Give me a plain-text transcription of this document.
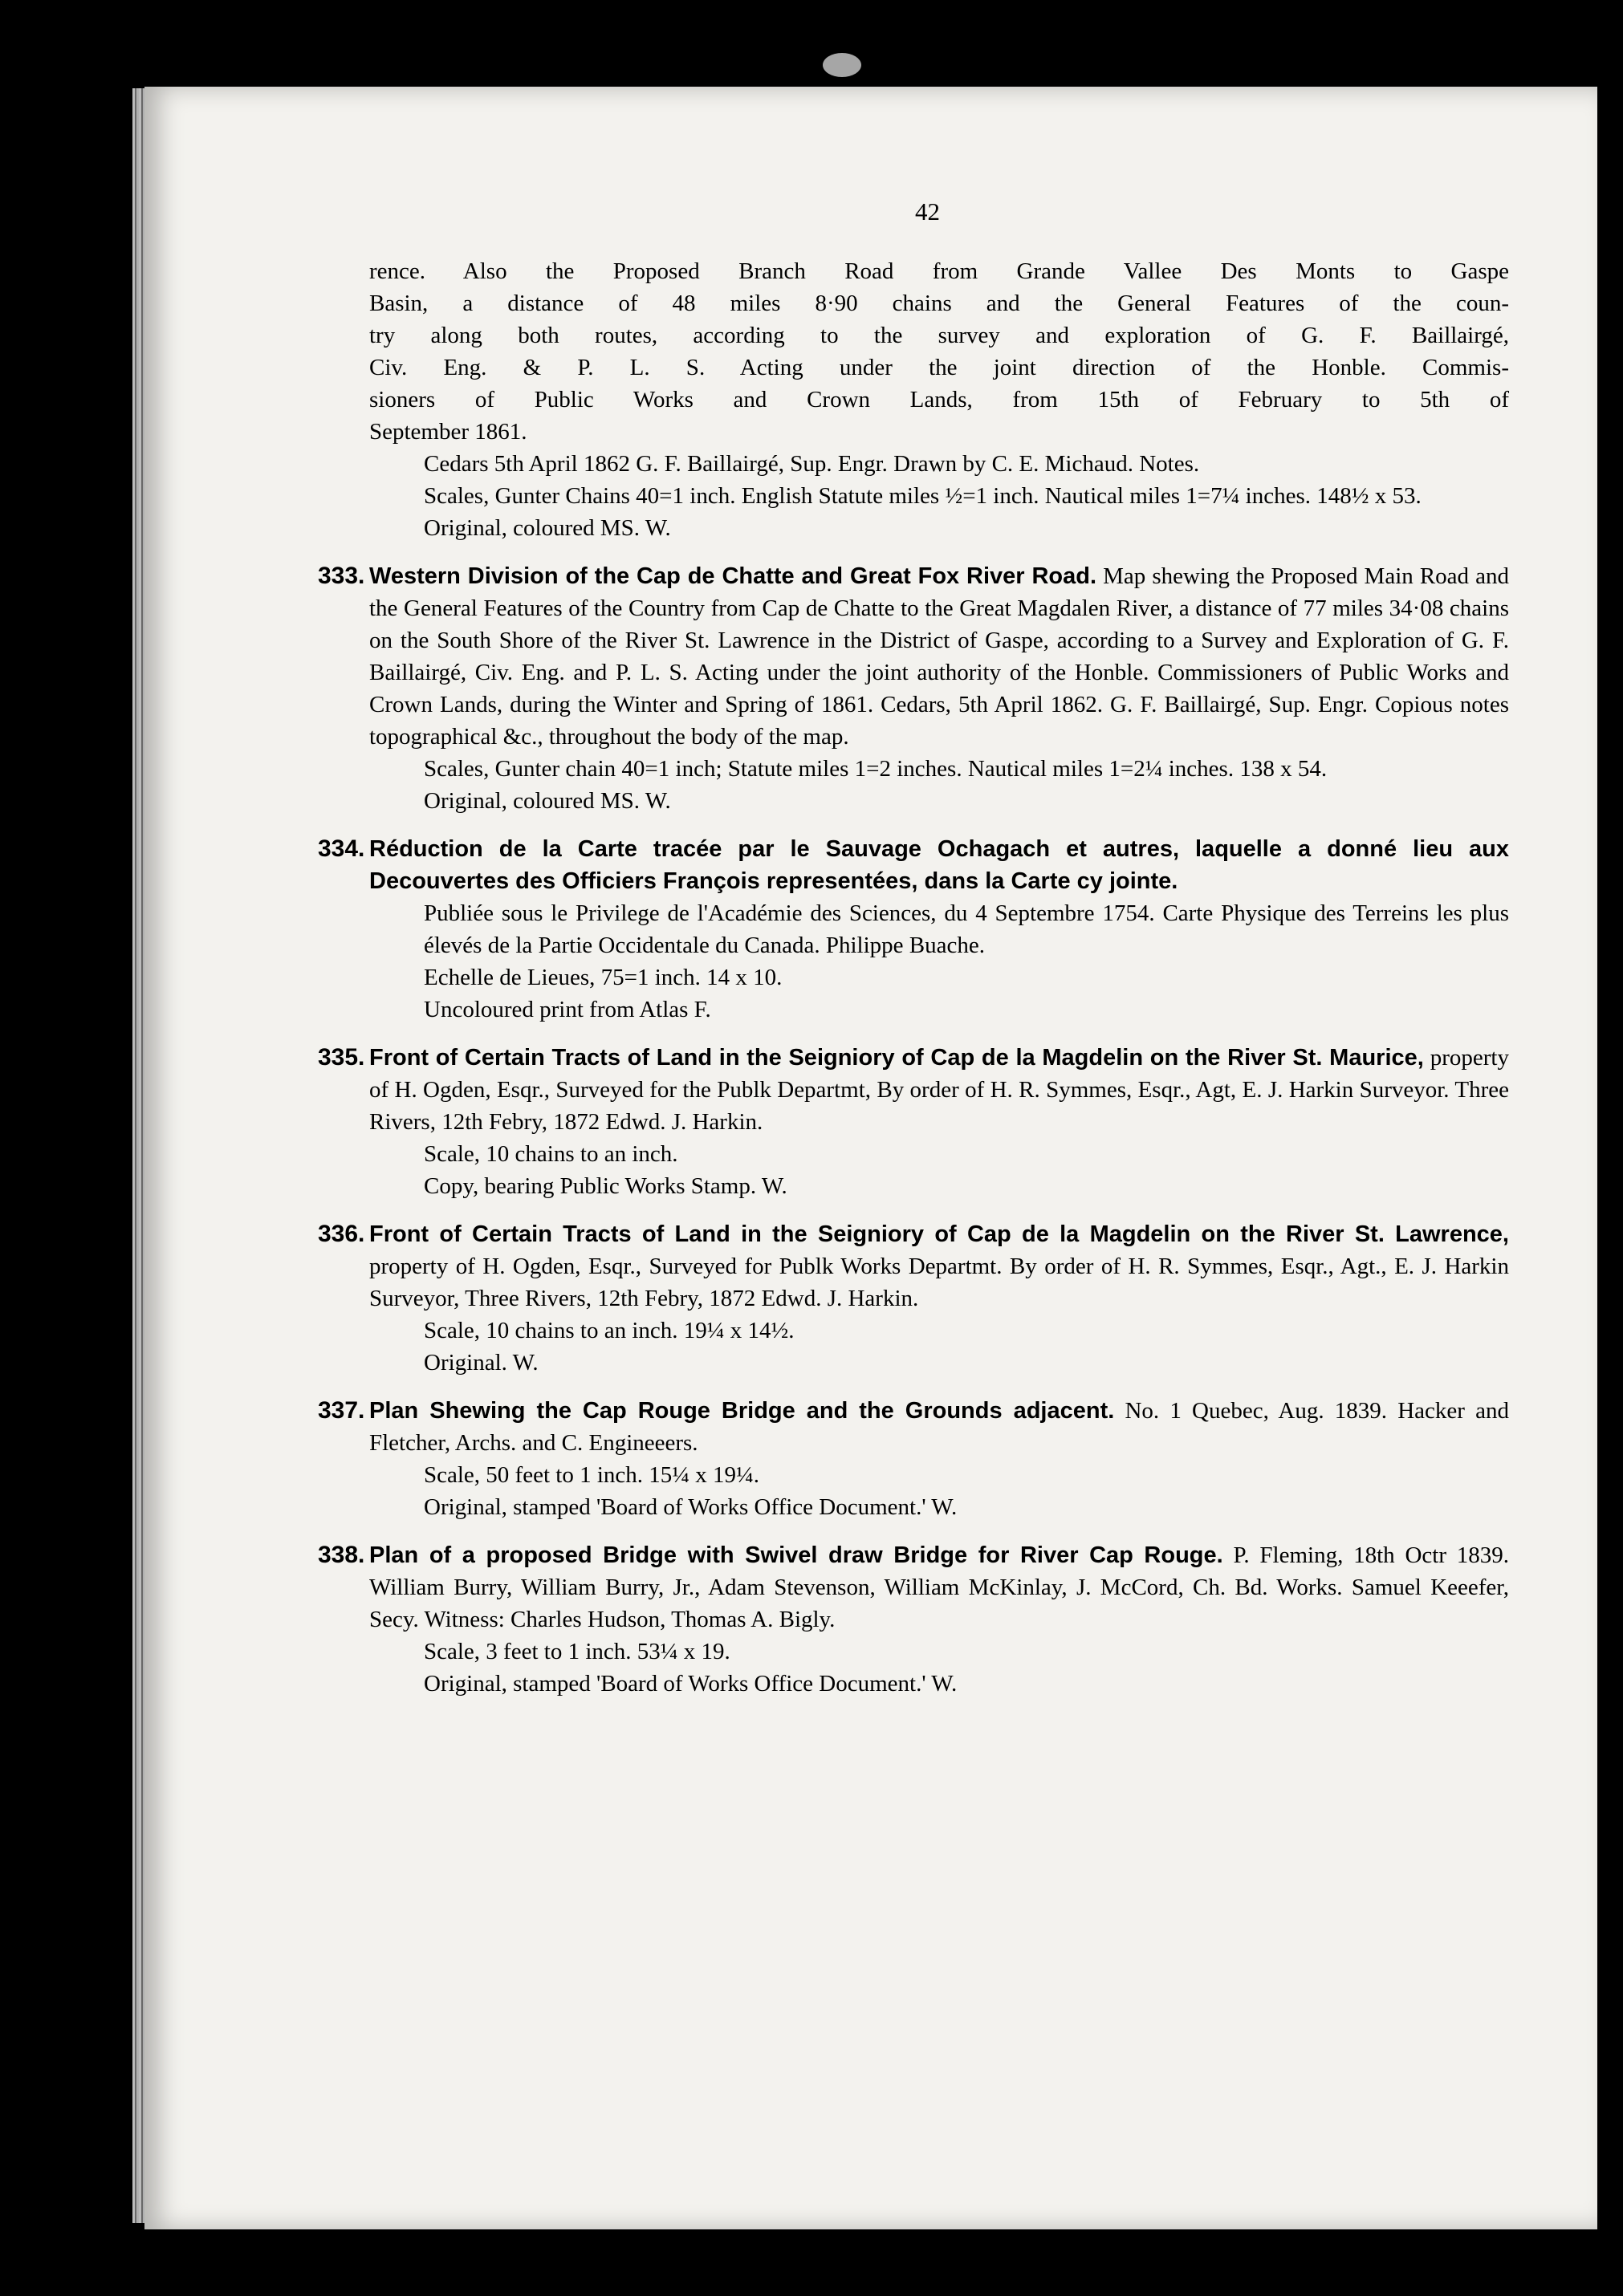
42
rence. Also the Proposed Branch Road from Grande Vallee Des Monts to Gaspe
Basin, a distance of 48 miles 8·90 chains and the General Features of the coun-
try along both routes, according to the survey and exploration of G. F. Baillairgé,
Civ. Eng. & P. L. S. Acting under the joint direction of the Honble. Commis-
sioners of Public Works and Crown Lands, from 15th of February to 5th of
September 1861.

Cedars 5th April 1862 G. F. Baillairgé, Sup. Engr. Drawn by C. E. Michaud. Notes.

Scales, Gunter Chains 40=1 inch. English Statute miles ½=1 inch. Nautical miles 1=7¼ inches. 148½ x 53.

Original, coloured MS. W.

333. Western Division of the Cap de Chatte and Great Fox River Road. Map shewing the Proposed Main Road and the General Features of the Country from Cap de Chatte to the Great Magdalen River, a distance of 77 miles 34·08 chains on the South Shore of the River St. Lawrence in the District of Gaspe, according to a Survey and Exploration of G. F. Baillairgé, Civ. Eng. and P. L. S. Acting under the joint authority of the Honble. Commissioners of Public Works and Crown Lands, during the Winter and Spring of 1861. Cedars, 5th April 1862. G. F. Baillairgé, Sup. Engr. Copious notes topographical &c., throughout the body of the map.

Scales, Gunter chain 40=1 inch; Statute miles 1=2 inches. Nautical miles 1=2¼ inches. 138 x 54.

Original, coloured MS. W.

334. Réduction de la Carte tracée par le Sauvage Ochagach et autres, laquelle a donné lieu aux Decouvertes des Officiers François representées, dans la Carte cy jointe.

Publiée sous le Privilege de l'Académie des Sciences, du 4 Septembre 1754. Carte Physique des Terreins les plus élevés de la Partie Occidentale du Canada. Philippe Buache.

Echelle de Lieues, 75=1 inch. 14 x 10.

Uncoloured print from Atlas F.

335. Front of Certain Tracts of Land in the Seigniory of Cap de la Magdelin on the River St. Maurice, property of H. Ogden, Esqr., Surveyed for the Publk Departmt, By order of H. R. Symmes, Esqr., Agt, E. J. Harkin Surveyor. Three Rivers, 12th Febry, 1872 Edwd. J. Harkin.

Scale, 10 chains to an inch.

Copy, bearing Public Works Stamp. W.

336. Front of Certain Tracts of Land in the Seigniory of Cap de la Magdelin on the River St. Lawrence, property of H. Ogden, Esqr., Surveyed for Publk Works Departmt. By order of H. R. Symmes, Esqr., Agt., E. J. Harkin Surveyor, Three Rivers, 12th Febry, 1872 Edwd. J. Harkin.

Scale, 10 chains to an inch. 19¼ x 14½.

Original. W.

337. Plan Shewing the Cap Rouge Bridge and the Grounds adjacent. No. 1 Quebec, Aug. 1839. Hacker and Fletcher, Archs. and C. Engineeers.

Scale, 50 feet to 1 inch. 15¼ x 19¼.

Original, stamped 'Board of Works Office Document.' W.

338. Plan of a proposed Bridge with Swivel draw Bridge for River Cap Rouge. P. Fleming, 18th Octr 1839. William Burry, William Burry, Jr., Adam Stevenson, William McKinlay, J. McCord, Ch. Bd. Works. Samuel Keeefer, Secy. Witness: Charles Hudson, Thomas A. Bigly.

Scale, 3 feet to 1 inch. 53¼ x 19.

Original, stamped 'Board of Works Office Document.' W.
